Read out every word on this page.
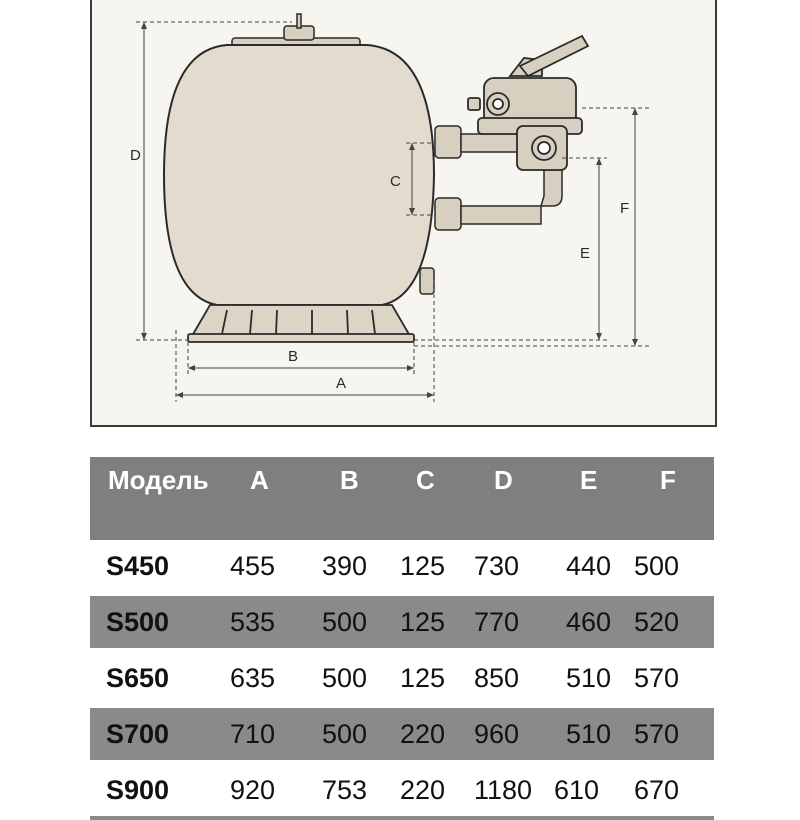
D
B
A
C
E
F
Модель	A	B	C	D	E	F
S450	455	390	125	730	440	500
S500	535	500	125	770	460	520
S650	635	500	125	850	510	570
S700	710	500	220	960	510	570
S900	920	753	220	1180	610	670
